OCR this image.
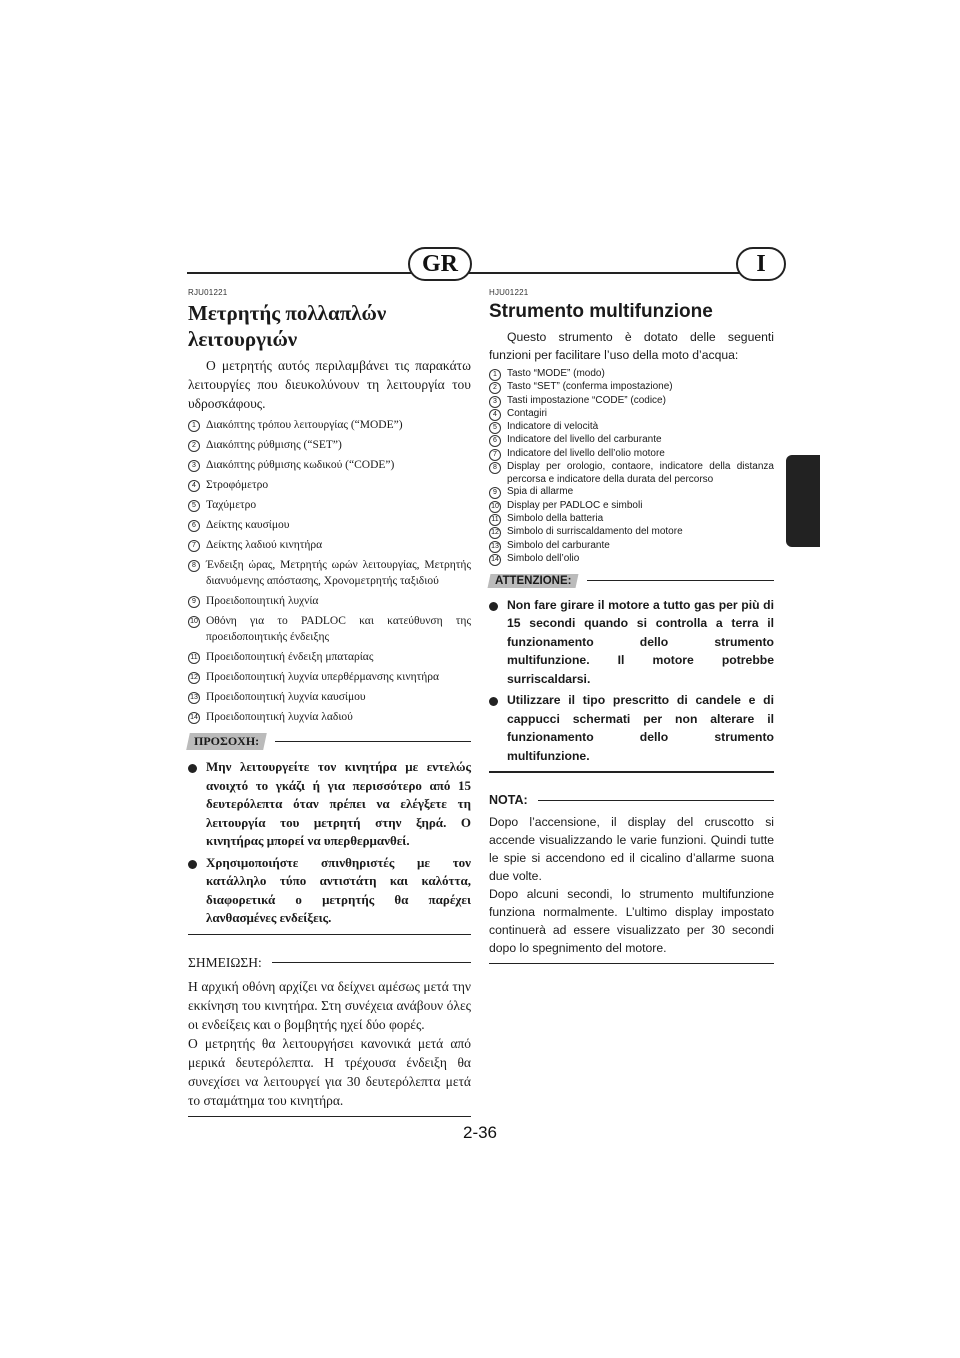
GR	I
RJU01221
Μετρητής πολλαπλών
λειτουργιών

Ο μετρητής αυτός περιλαμβάνει τις παρακάτω λειτουργίες που διευκολύνουν τη λειτουργία του υδροσκάφους.

1 Διακόπτης τρόπου λειτουργίας (“MODE”)
2 Διακόπτης ρύθμισης (“SET”)
3 Διακόπτης ρύθμισης κωδικού (“CODE”)
4 Στροφόμετρο
5 Ταχύμετρο
6 Δείκτης καυσίμου
7 Δείκτης λαδιού κινητήρα
8 Ένδειξη ώρας, Μετρητής ωρών λειτουργίας, Μετρητής διανυόμενης απόστασης, Χρονομετρητής ταξιδιού
9 Προειδοποιητική λυχνία
10 Οθόνη για το PADLOC και κατεύθυνση της προειδοποιητικής ένδειξης
11 Προειδοποιητική ένδειξη μπαταρίας
12 Προειδοποιητική λυχνία υπερθέρμανσης κινητήρα
13 Προειδοποιητική λυχνία καυσίμου
14 Προειδοποιητική λυχνία λαδιού
ΠΡΟΣΟΧΗ:
Μην λειτουργείτε τον κινητήρα με εντελώς ανοιχτό το γκάζι ή για περισσότερο από 15 δευτερόλεπτα όταν πρέπει να ελέγξετε τη λειτουργία του μετρητή στην ξηρά. Ο κινητήρας μπορεί να υπερθερμανθεί.
Χρησιμοποιήστε σπινθηριστές με τον κατάλληλο τύπο αντιστάτη και καλόττα, διαφορετικά ο μετρητής θα παρέχει λανθασμένες ενδείξεις.
ΣΗΜΕΙΩΣΗ:

Η αρχική οθόνη αρχίζει να δείχνει αμέσως μετά την εκκίνηση του κινητήρα. Στη συνέχεια ανάβουν όλες οι ενδείξεις και ο βομβητής ηχεί δύο φορές.

Ο μετρητής θα λειτουργήσει κανονικά μετά από μερικά δευτερόλεπτα. Η τρέχουσα ένδειξη θα συνεχίσει να λειτουργεί για 30 δευτερόλεπτα μετά το σταμάτημα του κινητήρα.

HJU01221
Strumento multifunzione

Questo strumento è dotato delle seguenti funzioni per facilitare l’uso della moto d’acqua:

1	Tasto “MODE” (modo)
2	Tasto “SET” (conferma impostazione)
3	Tasti impostazione “CODE” (codice)
4	Contagiri
5	Indicatore di velocità
6	Indicatore del livello del carburante
7	Indicatore del livello dell’olio motore
8	Display per orologio, contaore, indicatore della distanza percorsa e indicatore della durata del percorso
9	Spia di allarme
10 Display per PADLOC e simboli
11 Simbolo della batteria
12 Simbolo di surriscaldamento del motore
13 Simbolo del carburante
14 Simbolo dell’olio
ATTENZIONE:
Non fare girare il motore a tutto gas per più di 15 secondi quando si controlla a terra il funzionamento dello strumento multifunzione. Il motore potrebbe surriscaldarsi.
Utilizzare il tipo prescritto di candele e di cappucci schermati per non alterare il funzionamento dello strumento multifunzione.
NOTA:

Dopo l’accensione, il display del cruscotto si accende visualizzando le varie funzioni. Quindi tutte le spie si accendono ed il cicalino d’allarme suona due volte.

Dopo alcuni secondi, lo strumento multifunzione funziona normalmente. L’ultimo display impostato continuerà ad essere visualizzato per 30 secondi dopo lo spegnimento del motore.

2-36
